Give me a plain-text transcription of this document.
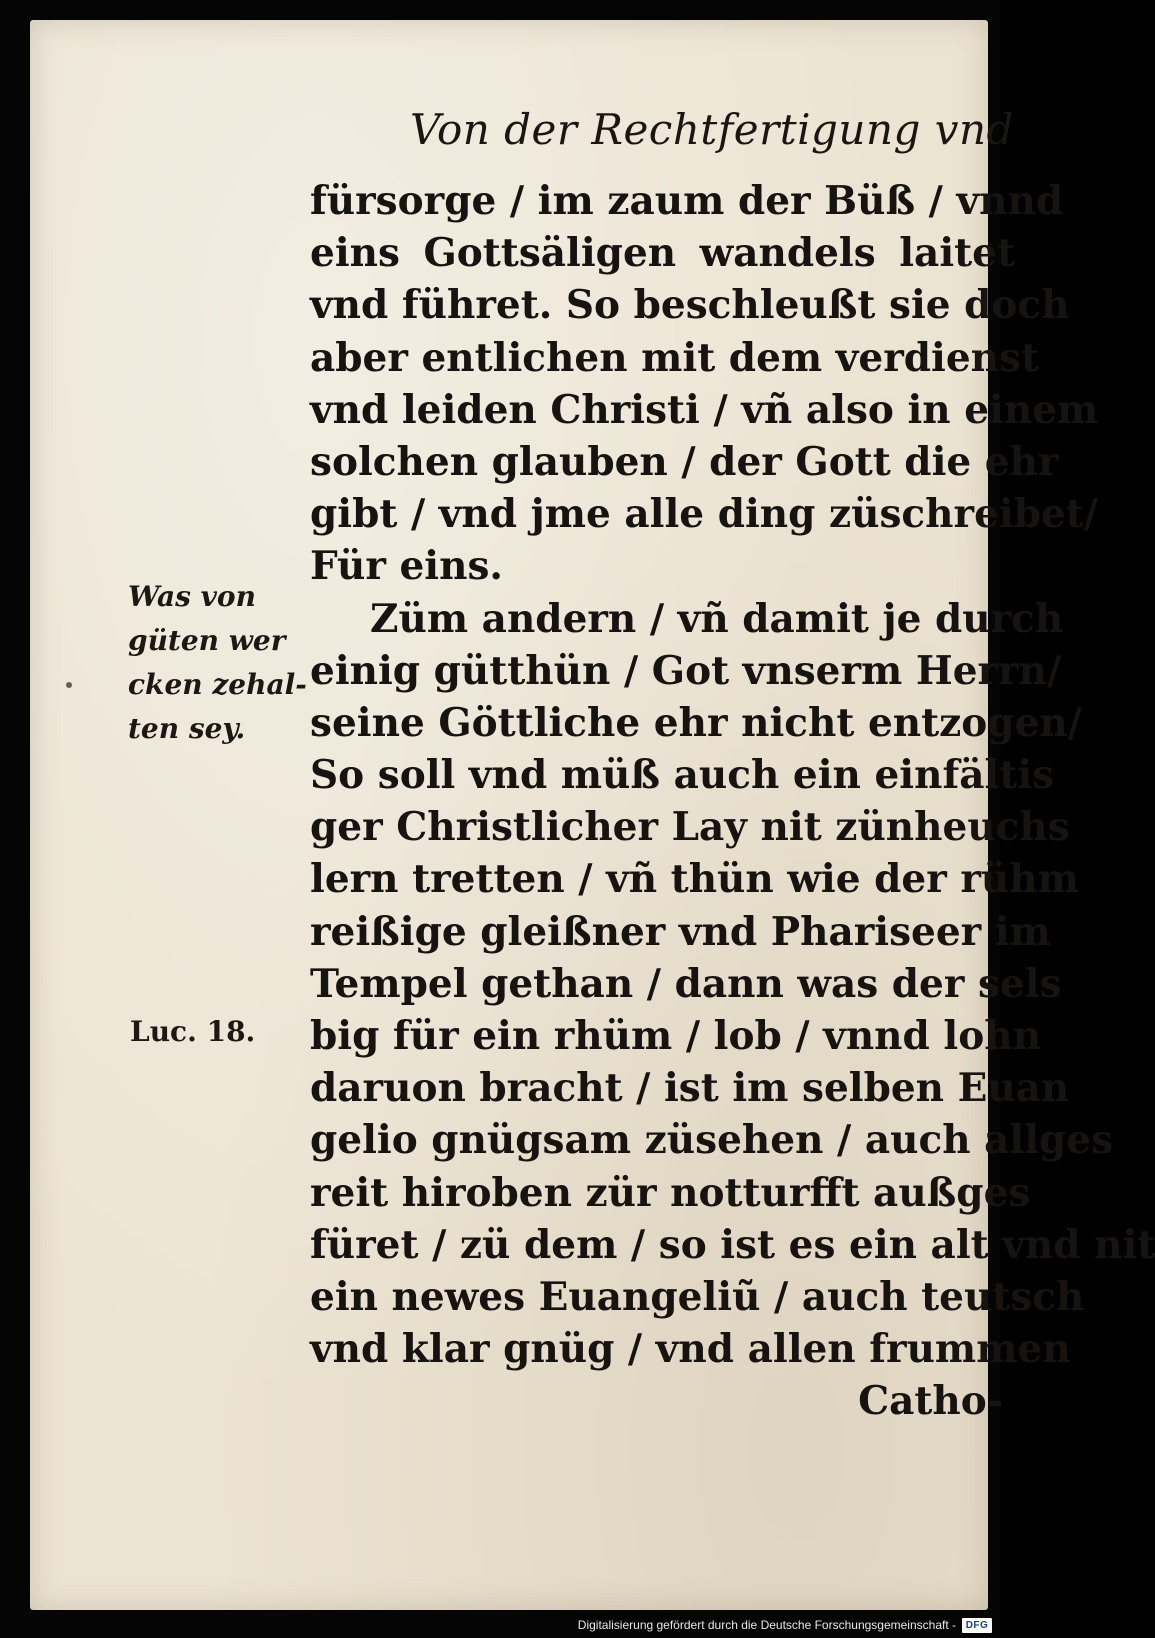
Von der Rechtfertigung vnd
Was von
güten wer
cken zehal-
ten sey.
Luc. 18.
fürsorge / im zaum der Büß / vnnd
eins Gottsäligen wandels laitet
vnd führet. So beschleußt sie doch
aber entlichen mit dem verdienst
vnd leiden Christi / vñ also in einem
solchen glauben / der Gott die ehr
gibt / vnd jme alle ding züschreibet/
Für eins.
Züm andern / vñ damit je durch
einig gütthün / Got vnserm Herrn/
seine Göttliche ehr nicht entzogen/
So soll vnd müß auch ein einfältis
ger Christlicher Lay nit zünheuchs
lern tretten / vñ thün wie der rühm
reißige gleißner vnd Phariseer im
Tempel gethan / dann was der sels
big für ein rhüm / lob / vnnd lohn
daruon bracht / ist im selben Euan
gelio gnügsam züsehen / auch allges
reit hiroben zür notturfft außges
füret / zü dem / so ist es ein alt vnd nit
ein newes Euangeliũ / auch teutsch
vnd klar gnüg / vnd allen frummen
Catho-
Digitalisierung gefördert durch die Deutsche Forschungsgemeinschaft - DFG
